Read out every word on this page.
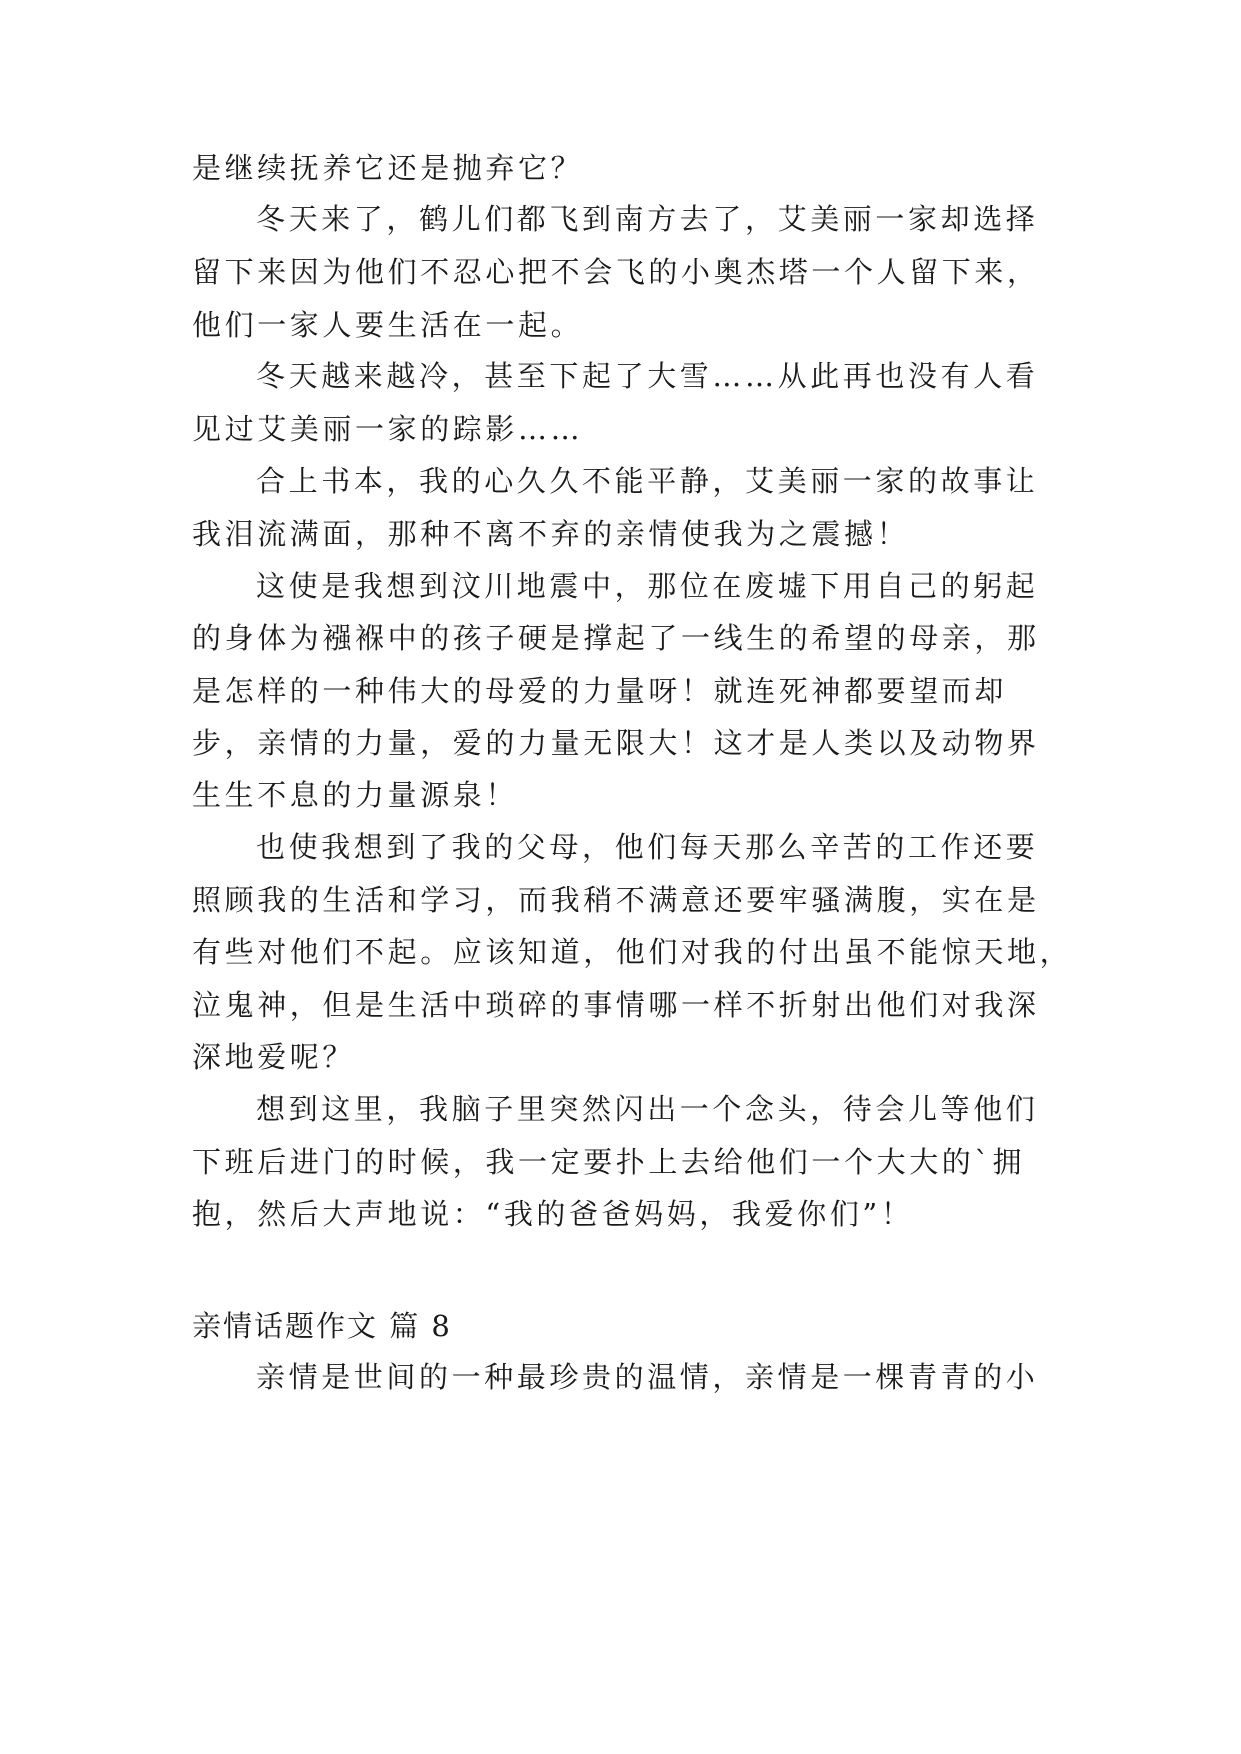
是继续抚养它还是抛弃它？
冬天来了，鹤儿们都飞到南方去了，艾美丽一家却选择
留下来因为他们不忍心把不会飞的小奥杰塔一个人留下来，
他们一家人要生活在一起。
冬天越来越冷，甚至下起了大雪……从此再也没有人看
见过艾美丽一家的踪影……
合上书本，我的心久久不能平静，艾美丽一家的故事让
我泪流满面，那种不离不弃的亲情使我为之震撼！
这使是我想到汶川地震中，那位在废墟下用自己的躬起
的身体为襁褓中的孩子硬是撑起了一线生的希望的母亲，那
是怎样的一种伟大的母爱的力量呀！就连死神都要望而却
步，亲情的力量，爱的力量无限大！这才是人类以及动物界
生生不息的力量源泉！
也使我想到了我的父母，他们每天那么辛苦的工作还要
照顾我的生活和学习，而我稍不满意还要牢骚满腹，实在是
有些对他们不起。应该知道，他们对我的付出虽不能惊天地，
泣鬼神，但是生活中琐碎的事情哪一样不折射出他们对我深
深地爱呢？
想到这里，我脑子里突然闪出一个念头，待会儿等他们
下班后进门的时候，我一定要扑上去给他们一个大大的`拥
抱，然后大声地说：“我的爸爸妈妈，我爱你们”！
亲情话题作文 篇 8
亲情是世间的一种最珍贵的温情，亲情是一棵青青的小
